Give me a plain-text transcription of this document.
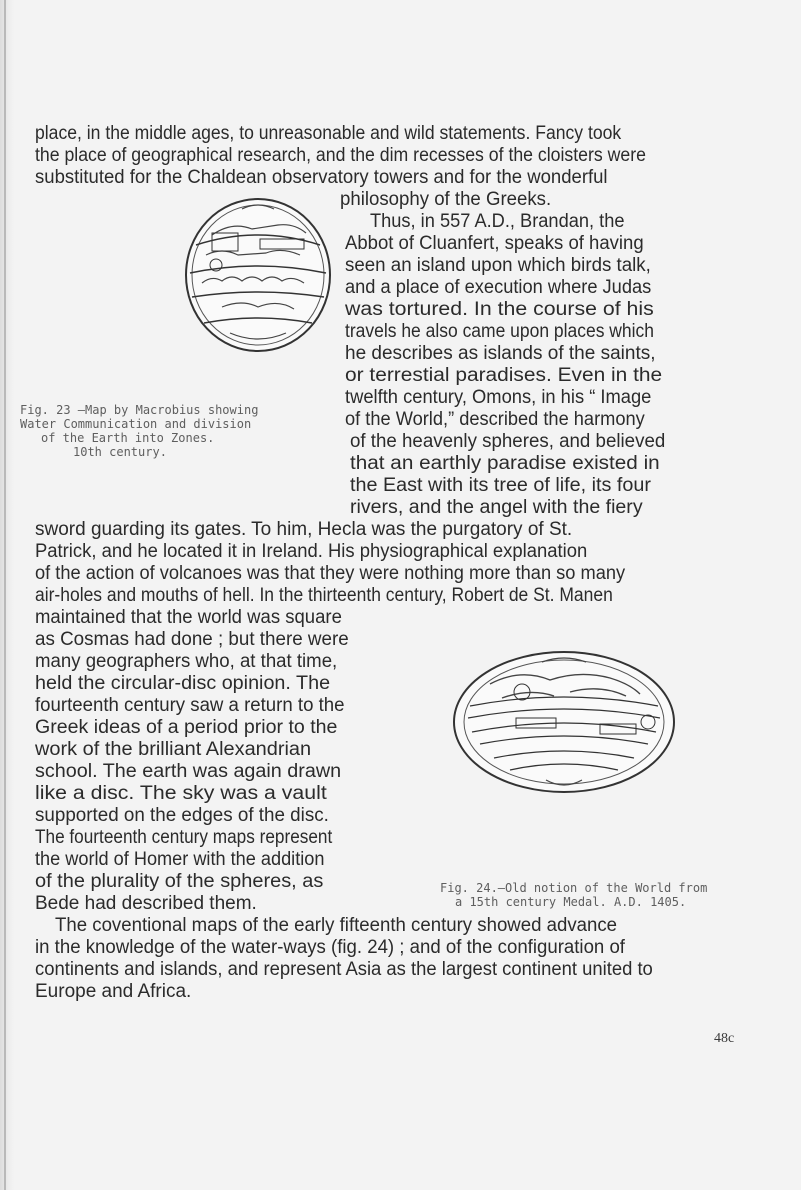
place, in the middle ages, to unreasonable and wild statements. Fancy took
the place of geographical research, and the dim recesses of the cloisters were
substituted for the Chaldean observatory towers and for the wonderful
philosophy of the Greeks.
Thus, in 557 A.D., Brandan, the
Abbot of Cluanfert, speaks of having
seen an island upon which birds talk,
and a place of execution where Judas
was tortured. In the course of his
travels he also came upon places which
he describes as islands of the saints,
or terrestial paradises. Even in the
twelfth century, Omons, in his “ Image
of the World,” described the harmony
of the heavenly spheres, and believed
that an earthly paradise existed in
the East with its tree of life, its four
rivers, and the angel with the fiery
sword guarding its gates. To him, Hecla was the purgatory of St.
Patrick, and he located it in Ireland. His physiographical explanation
of the action of volcanoes was that they were nothing more than so many
air-holes and mouths of hell. In the thirteenth century, Robert de St. Manen
maintained that the world was square
as Cosmas had done ; but there were
many geographers who, at that time,
held the circular-disc opinion. The
fourteenth century saw a return to the
Greek ideas of a period prior to the
work of the brilliant Alexandrian
school. The earth was again drawn
like a disc. The sky was a vault
supported on the edges of the disc.
The fourteenth century maps represent
the world of Homer with the addition
of the plurality of the spheres, as
Bede had described them.
The coventional maps of the early fifteenth century showed advance
in the knowledge of the water-ways (fig. 24) ; and of the configuration of
continents and islands, and represent Asia as the largest continent united to
Europe and Africa.
Fig. 23 —Map by Macrobius showing
Water Communication and division
of the Earth into Zones.
10th century.
Fig. 24.—Old notion of the World from
a 15th century Medal. A.D. 1405.
48c
